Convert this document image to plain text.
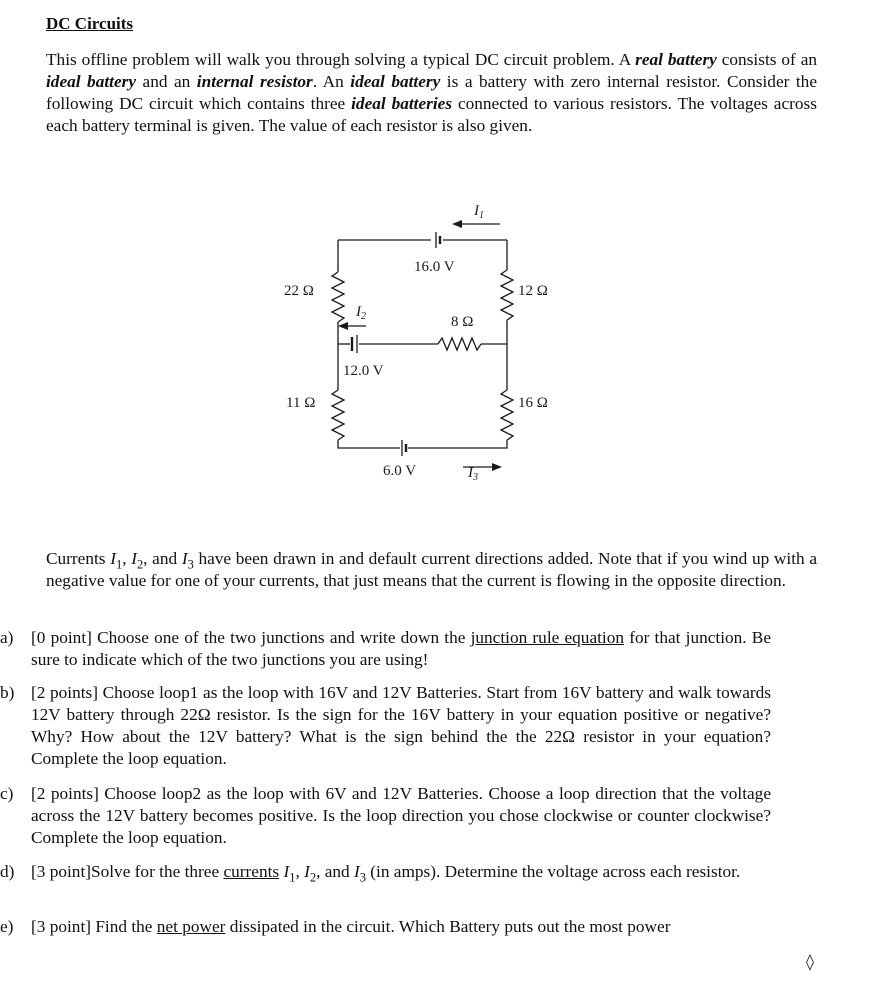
DC Circuits

This offline problem will walk you through solving a typical DC circuit problem. A real battery consists of an ideal battery and an internal resistor. An ideal battery is a battery with zero internal resistor. Consider the following DC circuit which contains three ideal batteries connected to various resistors. The voltages across each battery terminal is given. The value of each resistor is also given.

16.0 V
12.0 V
6.0 V
22 Ω
11 Ω
12 Ω
16 Ω
8 Ω
$I_1$
$I_2$
$I_3$

Currents $I_1$, $I_2$, and $I_3$ have been drawn in and default current directions added. Note that if you wind up with a negative value for one of your currents, that just means that the current is flowing in the opposite direction.

a)	[0 point] Choose one of the two junctions and write down the junction rule equation for that junction. Be sure to indicate which of the two junctions you are using!
b) [2 points] Choose loop1 as the loop with 16V and 12V Batteries. Start from 16V battery and walk towards 12V battery through 22Ω resistor. Is the sign for the 16V battery in your equation positive or negative? Why? How about the 12V battery? What is the sign behind the the 22Ω resistor in your equation? Complete the loop equation.
c)	[2 points] Choose loop2 as the loop with 6V and 12V Batteries. Choose a loop direction that the voltage across the 12V battery becomes positive. Is the loop direction you chose clockwise or counter clockwise? Complete the loop equation.
d) [3 point]Solve for the three currents $I_1$, $I_2$, and $I_3$ (in amps). Determine the voltage across each resistor.
e)	[3 point] Find the net power dissipated in the circuit. Which Battery puts out the most power
◊
